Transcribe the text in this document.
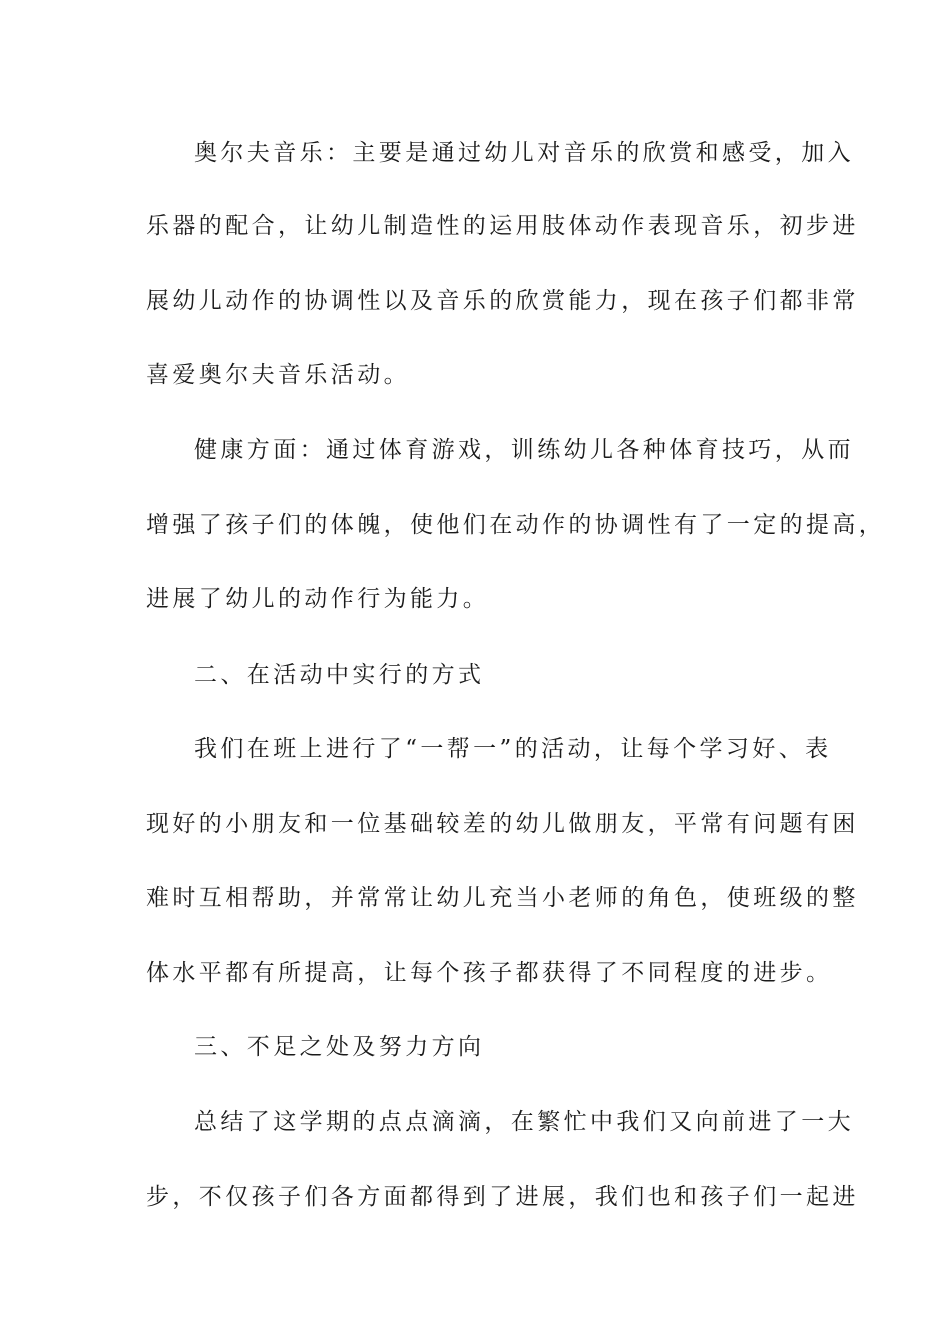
奥尔夫音乐：主要是通过幼儿对音乐的欣赏和感受，加入
乐器的配合，让幼儿制造性的运用肢体动作表现音乐，初步进
展幼儿动作的协调性以及音乐的欣赏能力，现在孩子们都非常
喜爱奥尔夫音乐活动。
健康方面：通过体育游戏，训练幼儿各种体育技巧，从而
增强了孩子们的体魄，使他们在动作的协调性有了一定的提高，
进展了幼儿的动作行为能力。
二、在活动中实行的方式
我们在班上进行了“一帮一”的活动，让每个学习好、表
现好的小朋友和一位基础较差的幼儿做朋友，平常有问题有困
难时互相帮助，并常常让幼儿充当小老师的角色，使班级的整
体水平都有所提高，让每个孩子都获得了不同程度的进步。
三、不足之处及努力方向
总结了这学期的点点滴滴，在繁忙中我们又向前进了一大
步，不仅孩子们各方面都得到了进展，我们也和孩子们一起进
